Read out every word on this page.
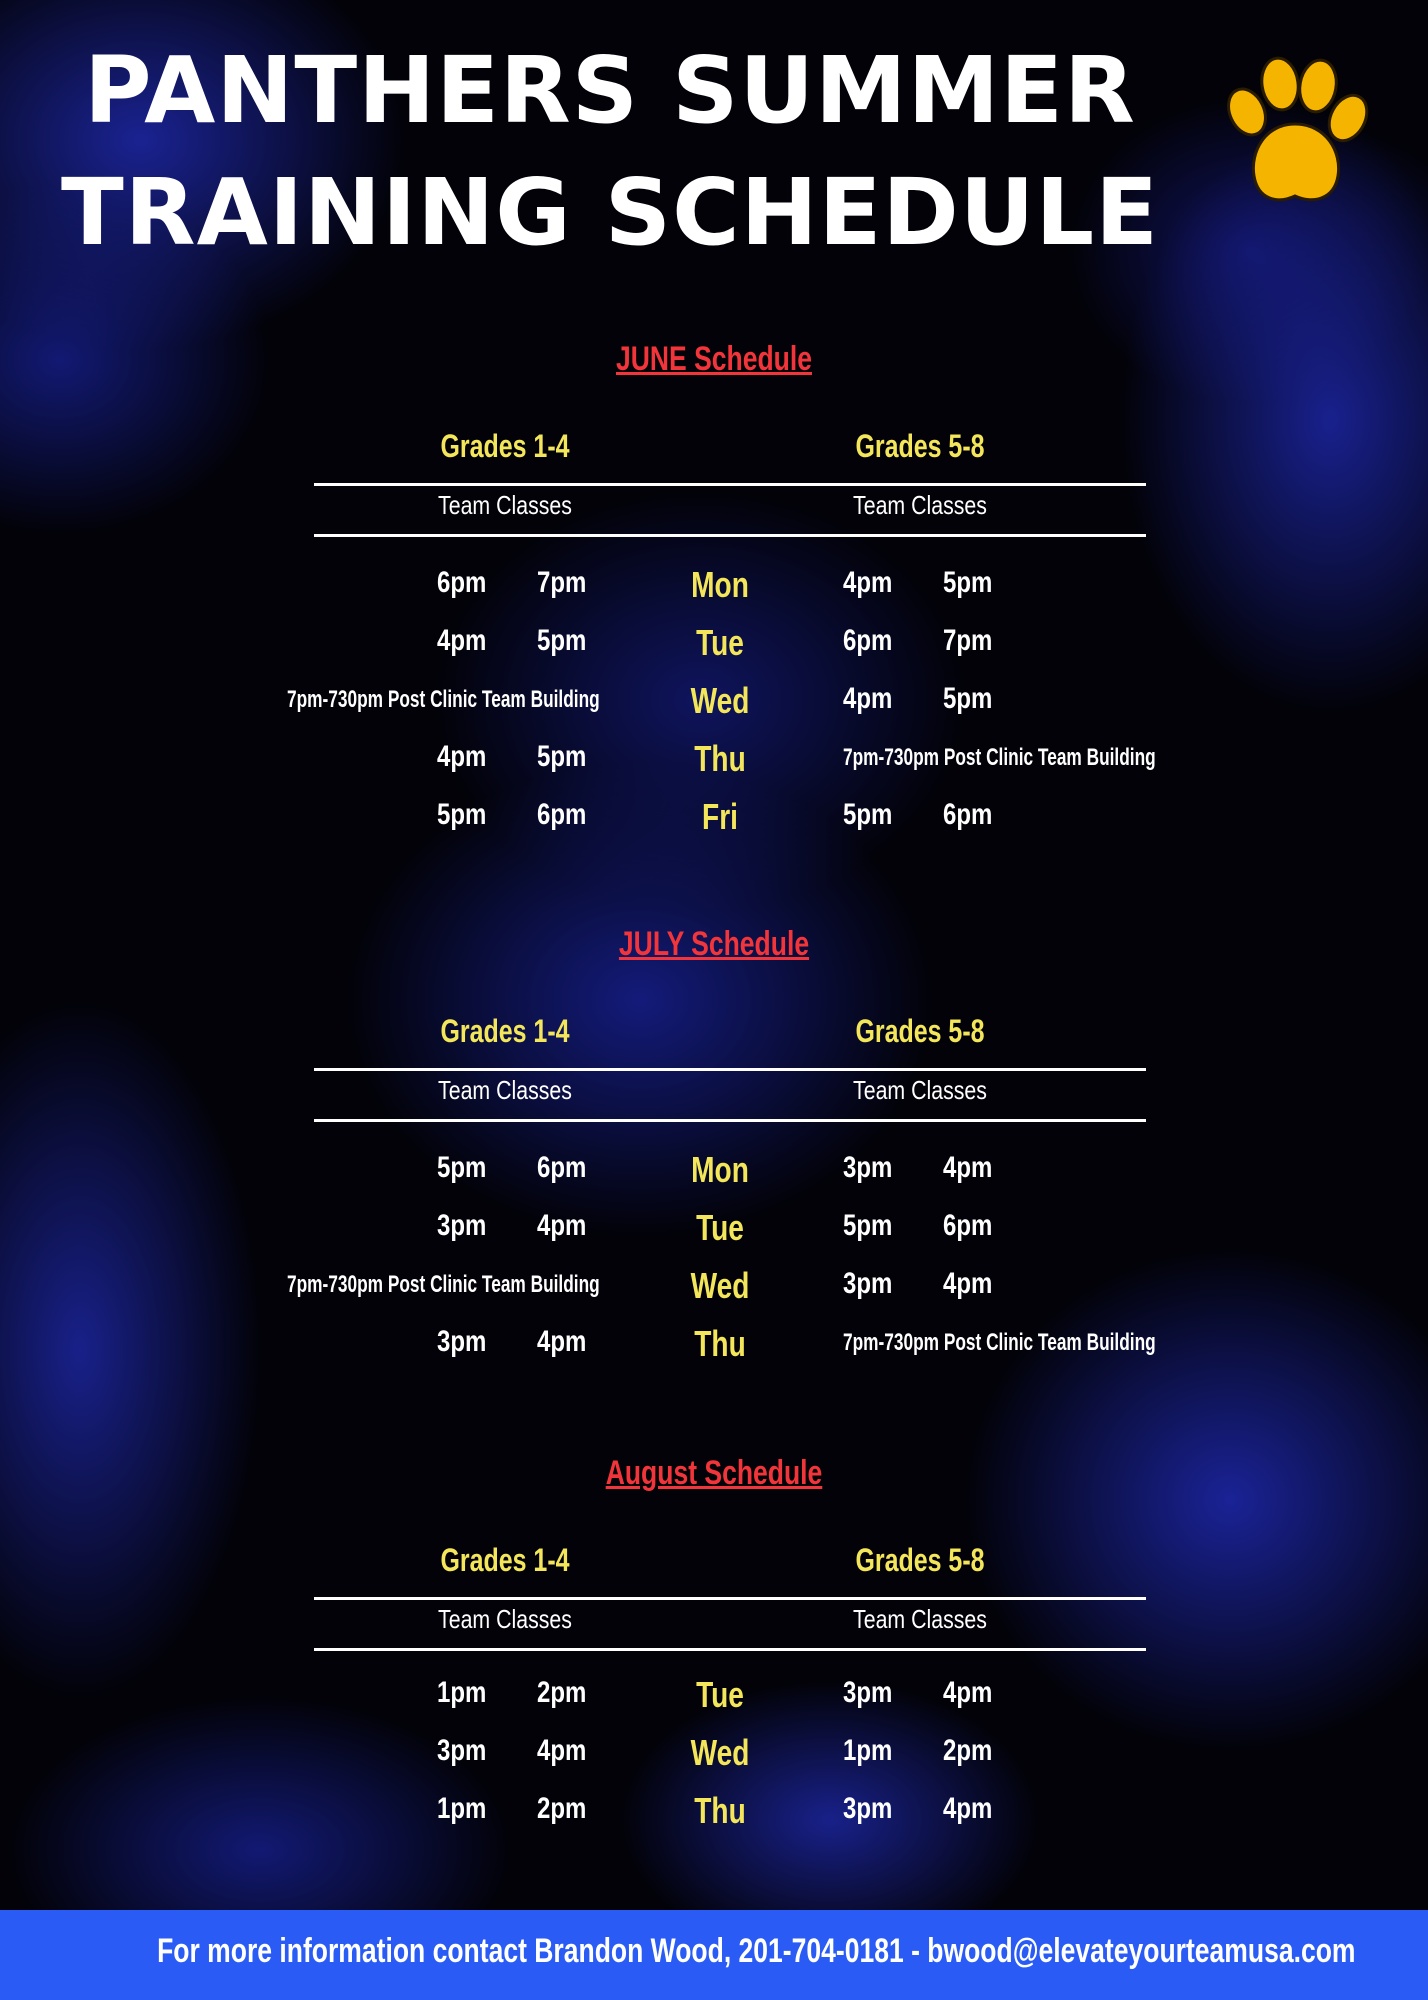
PANTHERS SUMMER
TRAINING SCHEDULE
JUNE Schedule
Grades 1-4	Grades 5-8
Team Classes	Team Classes
6pm 7pm	Mon	4pm 5pm
4pm 5pm	Tue	6pm 7pm
7pm-730pm Post Clinic Team Building	Wed	4pm 5pm
4pm 5pm	Thu	7pm-730pm Post Clinic Team Building
5pm 6pm	Fri	5pm 6pm
JULY Schedule
Grades 1-4	Grades 5-8
Team Classes	Team Classes
5pm 6pm	Mon	3pm 4pm
3pm 4pm	Tue	5pm 6pm
7pm-730pm Post Clinic Team Building	Wed	3pm 4pm
3pm 4pm	Thu	7pm-730pm Post Clinic Team Building
August Schedule
Grades 1-4	Grades 5-8
Team Classes	Team Classes
1pm 2pm	Tue	3pm 4pm
3pm 4pm	Wed	1pm 2pm
1pm 2pm	Thu	3pm 4pm
For more information contact Brandon Wood, 201-704-0181 - bwood@elevateyourteamusa.com
